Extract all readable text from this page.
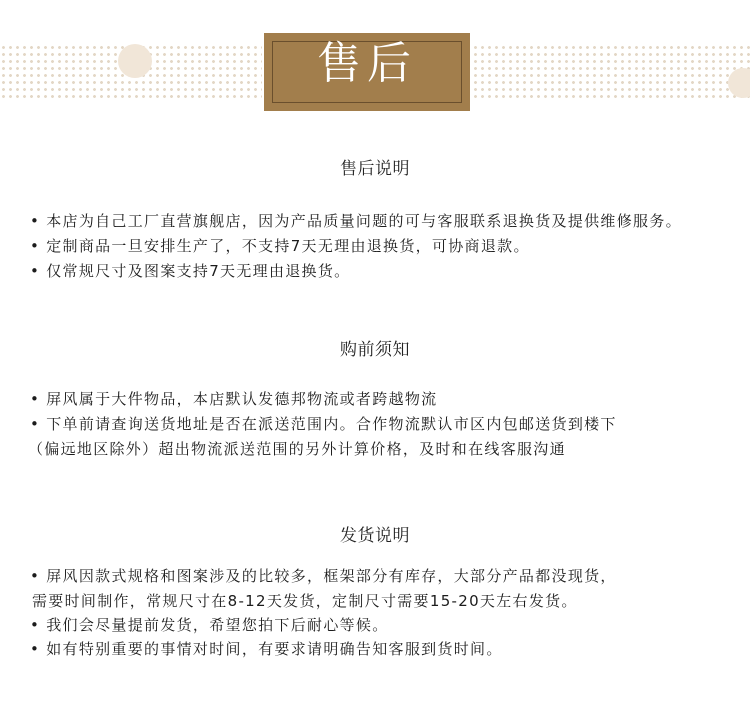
售后
售后说明
• 本店为自己工厂直营旗舰店，因为产品质量问题的可与客服联系退换货及提供维修服务。
• 定制商品一旦安排生产了，不支持7天无理由退换货，可协商退款。
• 仅常规尺寸及图案支持7天无理由退换货。
购前须知
• 屏风属于大件物品，本店默认发德邦物流或者跨越物流
• 下单前请查询送货地址是否在派送范围内。合作物流默认市区内包邮送货到楼下
（偏远地区除外）超出物流派送范围的另外计算价格，及时和在线客服沟通
发货说明
• 屏风因款式规格和图案涉及的比较多，框架部分有库存，大部分产品都没现货，
需要时间制作，常规尺寸在8-12天发货，定制尺寸需要15-20天左右发货。
• 我们会尽量提前发货，希望您拍下后耐心等候。
• 如有特别重要的事情对时间，有要求请明确告知客服到货时间。
